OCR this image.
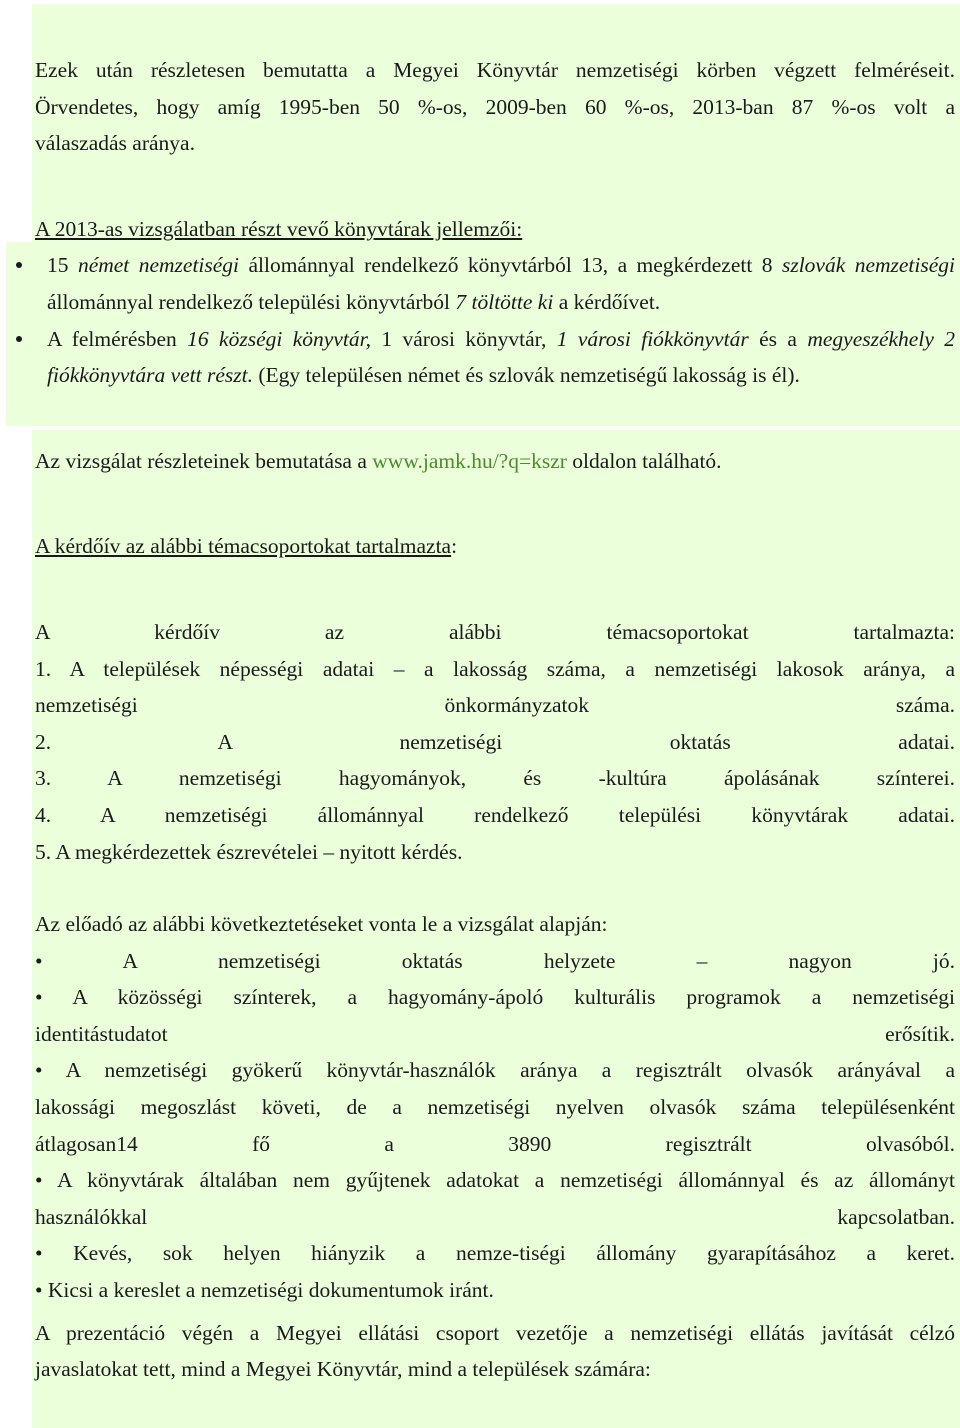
Ezek után részletesen bemutatta a Megyei Könyvtár nemzetiségi körben végzett felméréseit.

Örvendetes, hogy amíg 1995-ben 50 %-os, 2009-ben 60 %-os, 2013-ban 87 %-os volt a

válaszadás aránya.

A 2013-as vizsgálatban részt vevő könyvtárak jellemzői:

15 német nemzetiségi állománnyal rendelkező könyvtárból 13, a megkérdezett 8 szlovák nemzetiségi állománnyal rendelkező települési könyvtárból 7 töltötte ki a kérdőívet.
A felmérésben 16 községi könyvtár, 1 városi könyvtár, 1 városi fiókkönyvtár és a megyeszékhely 2 fiókkönyvtára vett részt. (Egy településen német és szlovák nemzetiségű lakosság is él).

Az vizsgálat részleteinek bemutatása a www.jamk.hu/?q=kszr oldalon található.

A kérdőív az alábbi témacsoportokat tartalmazta:

A kérdőív az alábbi témacsoportokat tartalmazta:

1. A települések népességi adatai – a lakosság száma, a nemzetiségi lakosok aránya, a

nemzetiségi önkormányzatok száma.

2. A nemzetiségi oktatás adatai.

3. A nemzetiségi hagyományok, és -kultúra ápolásának színterei.

4. A nemzetiségi állománnyal rendelkező települési könyvtárak adatai.

5. A megkérdezettek észrevételei – nyitott kérdés.

Az előadó az alábbi következtetéseket vonta le a vizsgálat alapján:

• A nemzetiségi oktatás helyzete – nagyon jó.

• A közösségi színterek, a hagyomány-ápoló kulturális programok a nemzetiségi

identitástudatot erősítik.

• A nemzetiségi gyökerű könyvtár-használók aránya a regisztrált olvasók arányával a

lakossági megoszlást követi, de a nemzetiségi nyelven olvasók száma településenként

átlagosan14 fő a 3890 regisztrált olvasóból.

• A könyvtárak általában nem gyűjtenek adatokat a nemzetiségi állománnyal és az állományt

használókkal kapcsolatban.

• Kevés, sok helyen hiányzik a nemze-tiségi állomány gyarapításához a keret.

• Kicsi a kereslet a nemzetiségi dokumentumok iránt.

A prezentáció végén a Megyei ellátási csoport vezetője a nemzetiségi ellátás javítását célzó

javaslatokat tett, mind a Megyei Könyvtár, mind a települések számára:
